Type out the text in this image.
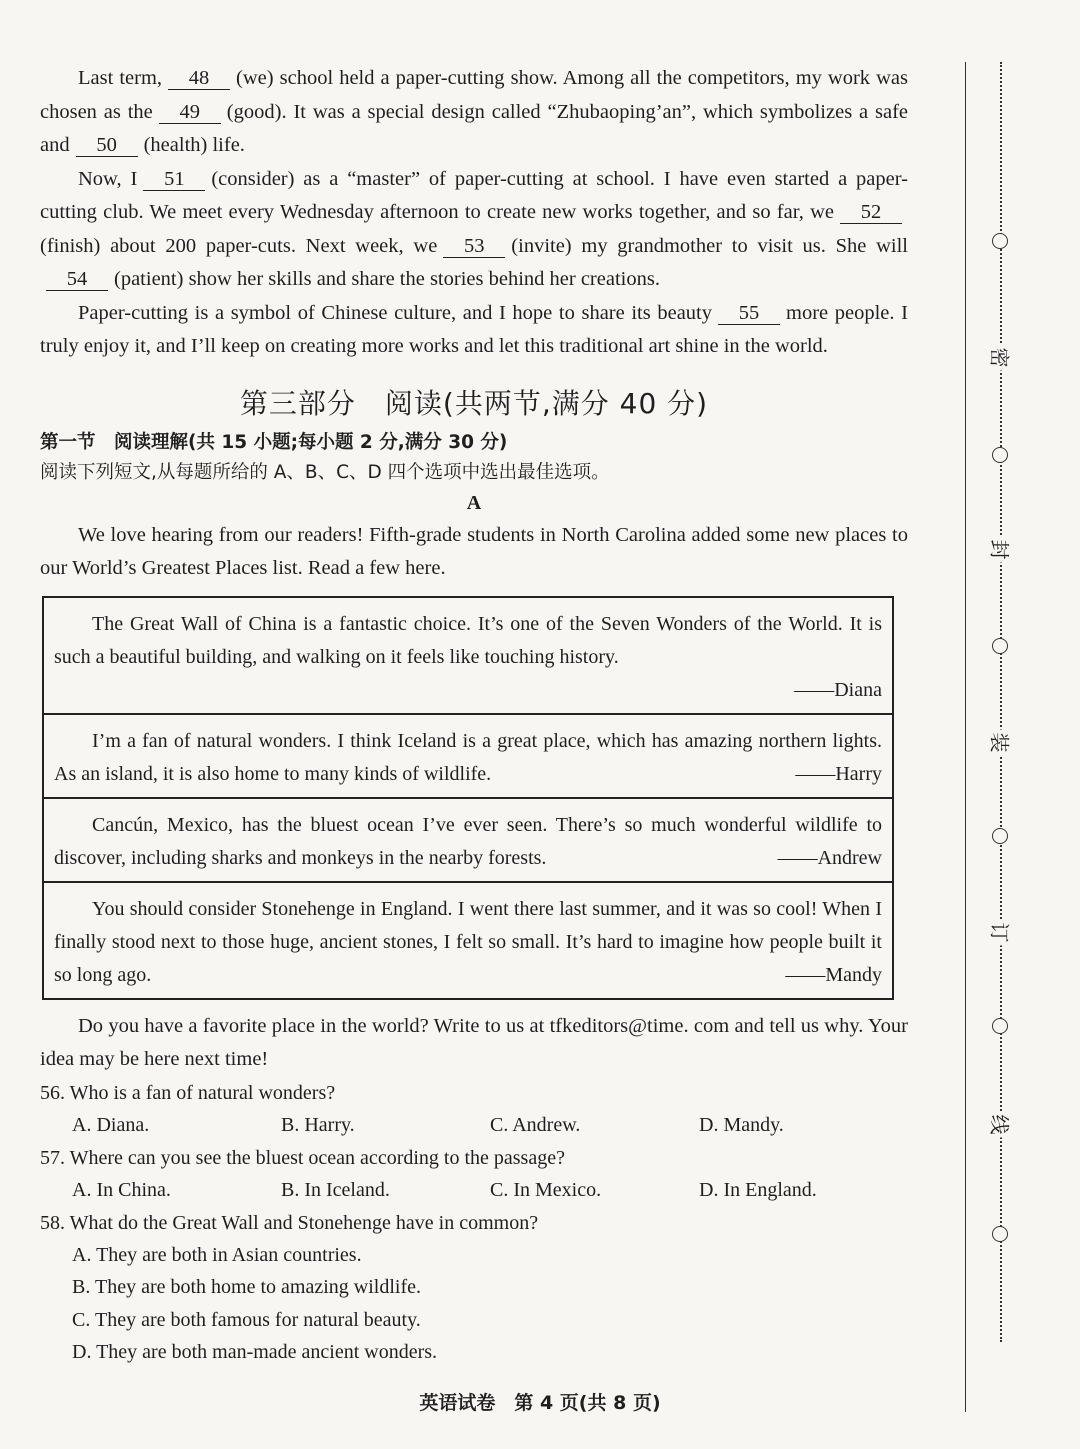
Last term, 48 (we) school held a paper-cutting show. Among all the competitors, my work was chosen as the 49 (good). It was a special design called “Zhubaoping’an”, which symbolizes a safe and 50 (health) life.

Now, I 51 (consider) as a “master” of paper-cutting at school. I have even started a paper-cutting club. We meet every Wednesday afternoon to create new works together, and so far, we 52(finish) about 200 paper-cuts. Next week, we 53 (invite) my grandmother to visit us. She will54 (patient) show her skills and share the stories behind her creations.

Paper-cutting is a symbol of Chinese culture, and I hope to share its beauty 55 more people. I truly enjoy it, and I’ll keep on creating more works and let this traditional art shine in the world.

第三部分　阅读(共两节,满分 40 分)
第一节　阅读理解(共 15 小题;每小题 2 分,满分 30 分)
阅读下列短文,从每题所给的 A、B、C、D 四个选项中选出最佳选项。
A

We love hearing from our readers! Fifth-grade students in North Carolina added some new places to our World’s Greatest Places list. Read a few here.

The Great Wall of China is a fantastic choice. It’s one of the Seven Wonders of the World. It is such a beautiful building, and walking on it feels like touching history.
——Diana
I’m a fan of natural wonders. I think Iceland is a great place, which has amazing northern lights. As an island, it is also home to many kinds of wildlife.　	——Harry
Cancún, Mexico, has the bluest ocean I’ve ever seen. There’s so much wonderful wildlife to discover, including sharks and monkeys in the nearby forests.　	——Andrew
You should consider Stonehenge in England. I went there last summer, and it was so cool! When I finally stood next to those huge, ancient stones, I felt so small. It’s hard to imagine how people built it so long ago.　	——Mandy

Do you have a favorite place in the world? Write to us at tfkeditors@time. com and tell us why. Your idea may be here next time!

56. Who is a fan of natural wonders?
A. Diana.	B. Harry.	C. Andrew.	D. Mandy.
57. Where can you see the bluest ocean according to the passage?
A. In China.	B. In Iceland.	C. In Mexico.	D. In England.
58. What do the Great Wall and Stonehenge have in common?
A. They are both in Asian countries.
B. They are both home to amazing wildlife.
C. They are both famous for natural beauty.
D. They are both man-made ancient wonders.
英语试卷　第 4 页(共 8 页)
密
封
装
订
线
